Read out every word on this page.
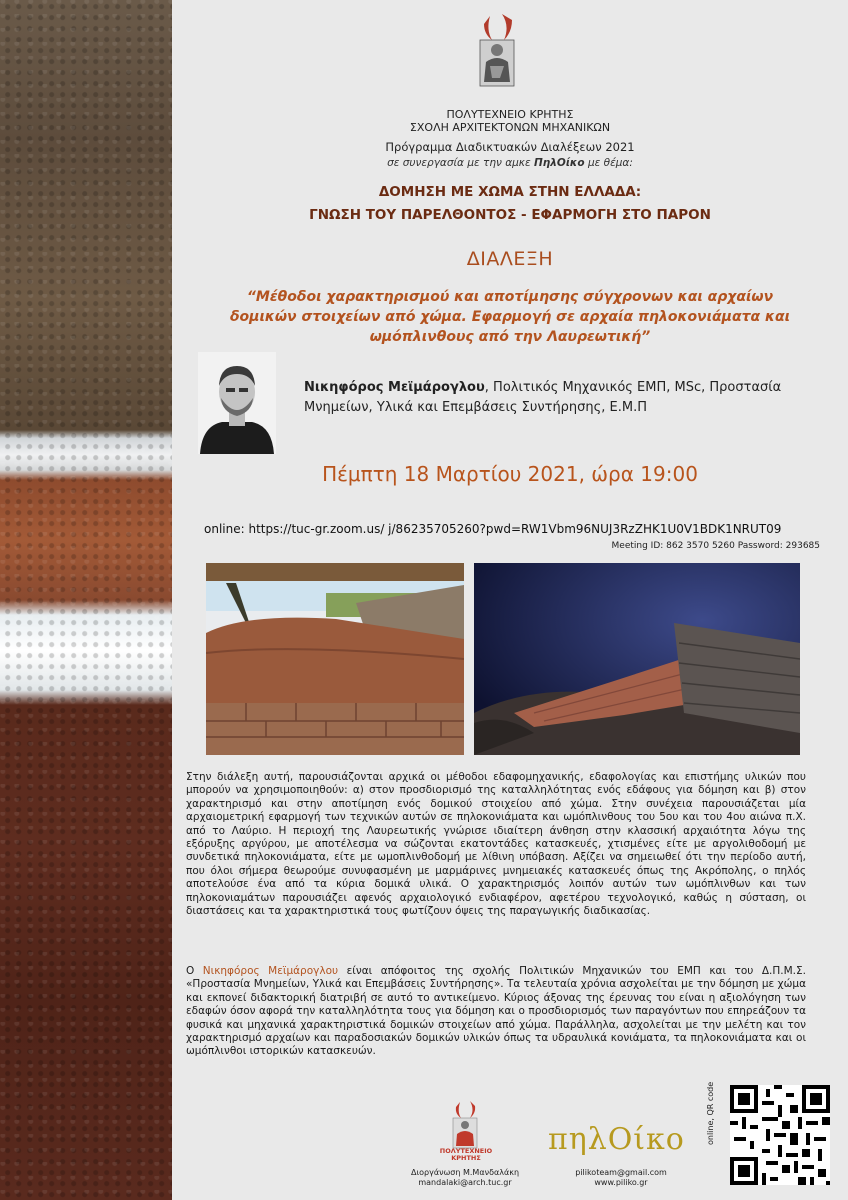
ΠΟΛΥΤΕΧΝΕΙΟ ΚΡΗΤΗΣ
ΣΧΟΛΗ ΑΡΧΙΤΕΚΤΟΝΩΝ ΜΗΧΑΝΙΚΩΝ
Πρόγραμμα Διαδικτυακών Διαλέξεων 2021
σε συνεργασία με την αμκε ΠηλΟίκο με θέμα:
ΔΟΜΗΣΗ ΜΕ ΧΩΜΑ ΣΤΗΝ ΕΛΛΑΔΑ:
ΓΝΩΣΗ ΤΟΥ ΠΑΡΕΛΘΟΝΤΟΣ - ΕΦΑΡΜΟΓΗ ΣΤΟ ΠΑΡΟΝ
ΔΙΑΛΕΞΗ
“Μέθοδοι χαρακτηρισμού και αποτίμησης σύγχρονων και αρχαίων δομικών στοιχείων από χώμα. Εφαρμογή σε αρχαία πηλοκονιάματα και ωμόπλινθους από την Λαυρεωτική”
Νικηφόρος Μεϊμάρογλου, Πολιτικός Μηχανικός ΕΜΠ, MSc, Προστασία Μνημείων, Υλικά και Επεμβάσεις Συντήρησης, Ε.Μ.Π
Πέμπτη 18 Μαρτίου 2021, ώρα 19:00
online: https://tuc-gr.zoom.us/ j/86235705260?pwd=RW1Vbm96NUJ3RzZHK1U0V1BDK1NRUT09
Meeting ID: 862 3570 5260 Password: 293685

Στην διάλεξη αυτή, παρουσιάζονται αρχικά οι μέθοδοι εδαφομηχανικής, εδαφολογίας και επιστήμης υλικών που μπορούν να χρησιμοποιηθούν: α) στον προσδιορισμό της καταλληλότητας ενός εδάφους για δόμηση και β) στον χαρακτηρισμό και στην αποτίμηση ενός δομικού στοιχείου από χώμα. Στην συνέχεια παρουσιάζεται μία αρχαιομετρική εφαρμογή των τεχνικών αυτών σε πηλοκονιάματα και ωμόπλινθους του 5ου και του 4ου αιώνα π.Χ. από το Λαύριο. Η περιοχή της Λαυρεωτικής γνώρισε ιδιαίτερη άνθηση στην κλασσική αρχαιότητα λόγω της εξόρυξης αργύρου, με αποτέλεσμα να σώζονται εκατοντάδες κατασκευές, χτισμένες είτε με αργολιθοδομή με συνδετικά πηλοκονιάματα, είτε με ωμοπλινθοδομή με λίθινη υπόβαση. Αξίζει να σημειωθεί ότι την περίοδο αυτή, που όλοι σήμερα θεωρούμε συνυφασμένη με μαρμάρινες μνημειακές κατασκευές όπως της Ακρόπολης, ο πηλός αποτελούσε ένα από τα κύρια δομικά υλικά. Ο χαρακτηρισμός λοιπόν αυτών των ωμόπλινθων και των πηλοκονιαμάτων παρουσιάζει αφενός αρχαιολογικό ενδιαφέρον, αφετέρου τεχνολογικό, καθώς η σύσταση, οι διαστάσεις και τα χαρακτηριστικά τους φωτίζουν όψεις της παραγωγικής διαδικασίας.

Ο Νικηφόρος Μεϊμάρογλου είναι απόφοιτος της σχολής Πολιτικών Μηχανικών του ΕΜΠ και του Δ.Π.Μ.Σ. «Προστασία Μνημείων, Υλικά και Επεμβάσεις Συντήρησης». Τα τελευταία χρόνια ασχολείται με την δόμηση με χώμα και εκπονεί διδακτορική διατριβή σε αυτό το αντικείμενο. Κύριος άξονας της έρευνας του είναι η αξιολόγηση των εδαφών όσον αφορά την καταλληλότητα τους για δόμηση και ο προσδιορισμός των παραγόντων που επηρεάζουν τα φυσικά και μηχανικά χαρακτηριστικά δομικών στοιχείων από χώμα. Παράλληλα, ασχολείται με την μελέτη και τον χαρακτηρισμό αρχαίων και παραδοσιακών δομικών υλικών όπως τα υδραυλικά κονιάματα, τα πηλοκονιάματα και οι ωμόπλινθοι ιστορικών κατασκευών.

ΠΟΛΥΤΕΧΝΕΙΟ ΚΡΗΤΗΣ
Διοργάνωση Μ.Μανδαλάκη
mandalaki@arch.tuc.gr
πηλΟίκο
pilikoteam@gmail.com
www.piliko.gr
online, QR code
